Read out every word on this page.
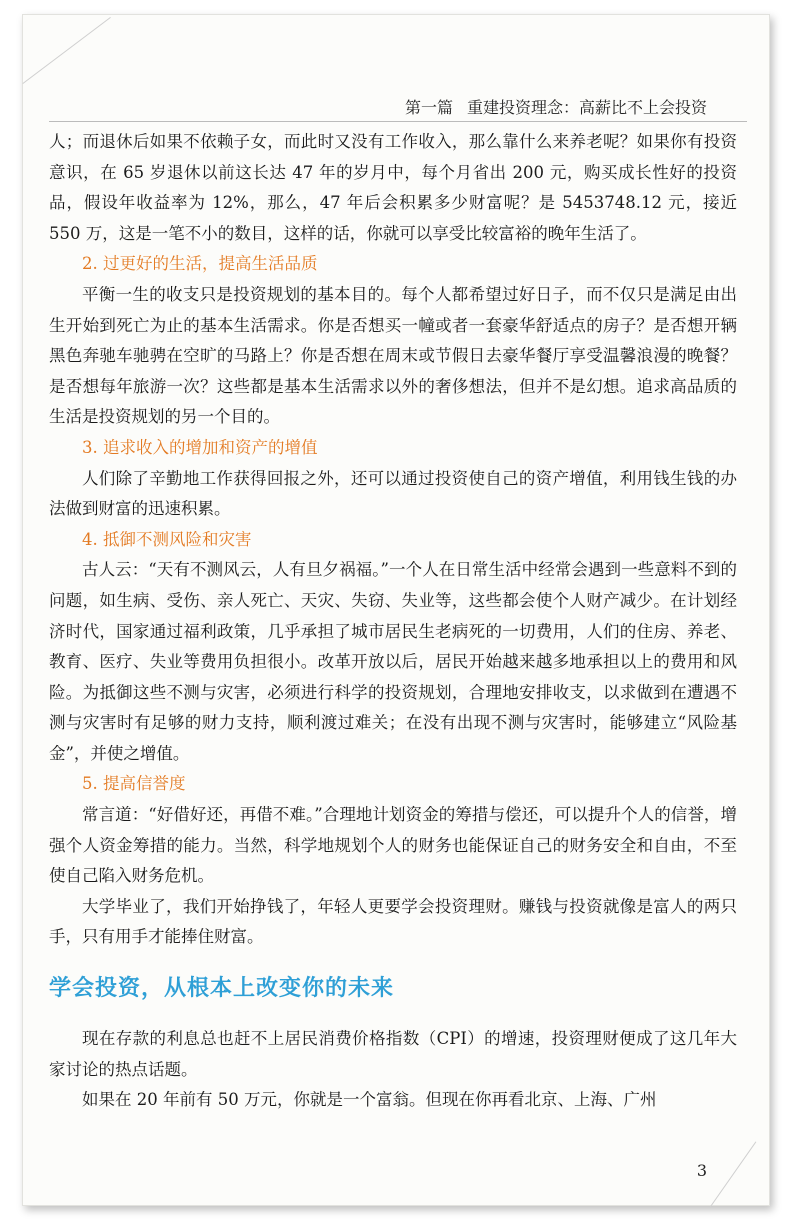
第一篇 重建投资理念：高薪比不上会投资

人；而退休后如果不依赖子女，而此时又没有工作收入，那么靠什么来养老呢？如果你有投资意识，在 65 岁退休以前这长达 47 年的岁月中，每个月省出 200 元，购买成长性好的投资品，假设年收益率为 12%，那么，47 年后会积累多少财富呢？是 5453748.12 元，接近 550 万，这是一笔不小的数目，这样的话，你就可以享受比较富裕的晚年生活了。

2. 过更好的生活，提高生活品质

平衡一生的收支只是投资规划的基本目的。每个人都希望过好日子，而不仅只是满足由出生开始到死亡为止的基本生活需求。你是否想买一幢或者一套豪华舒适点的房子？是否想开辆黑色奔驰车驰骋在空旷的马路上？你是否想在周末或节假日去豪华餐厅享受温馨浪漫的晚餐？是否想每年旅游一次？这些都是基本生活需求以外的奢侈想法，但并不是幻想。追求高品质的生活是投资规划的另一个目的。

3. 追求收入的增加和资产的增值

人们除了辛勤地工作获得回报之外，还可以通过投资使自己的资产增值，利用钱生钱的办法做到财富的迅速积累。

4. 抵御不测风险和灾害

古人云：“天有不测风云，人有旦夕祸福。”一个人在日常生活中经常会遇到一些意料不到的问题，如生病、受伤、亲人死亡、天灾、失窃、失业等，这些都会使个人财产减少。在计划经济时代，国家通过福利政策，几乎承担了城市居民生老病死的一切费用，人们的住房、养老、教育、医疗、失业等费用负担很小。改革开放以后，居民开始越来越多地承担以上的费用和风险。为抵御这些不测与灾害，必须进行科学的投资规划，合理地安排收支，以求做到在遭遇不测与灾害时有足够的财力支持，顺利渡过难关；在没有出现不测与灾害时，能够建立“风险基金”，并使之增值。

5. 提高信誉度

常言道：“好借好还，再借不难。”合理地计划资金的筹措与偿还，可以提升个人的信誉，增强个人资金筹措的能力。当然，科学地规划个人的财务也能保证自己的财务安全和自由，不至使自己陷入财务危机。

大学毕业了，我们开始挣钱了，年轻人更要学会投资理财。赚钱与投资就像是富人的两只手，只有用手才能捧住财富。

学会投资，从根本上改变你的未来

现在存款的利息总也赶不上居民消费价格指数（CPI）的增速，投资理财便成了这几年大家讨论的热点话题。

如果在 20 年前有 50 万元，你就是一个富翁。但现在你再看北京、上海、广州

3
